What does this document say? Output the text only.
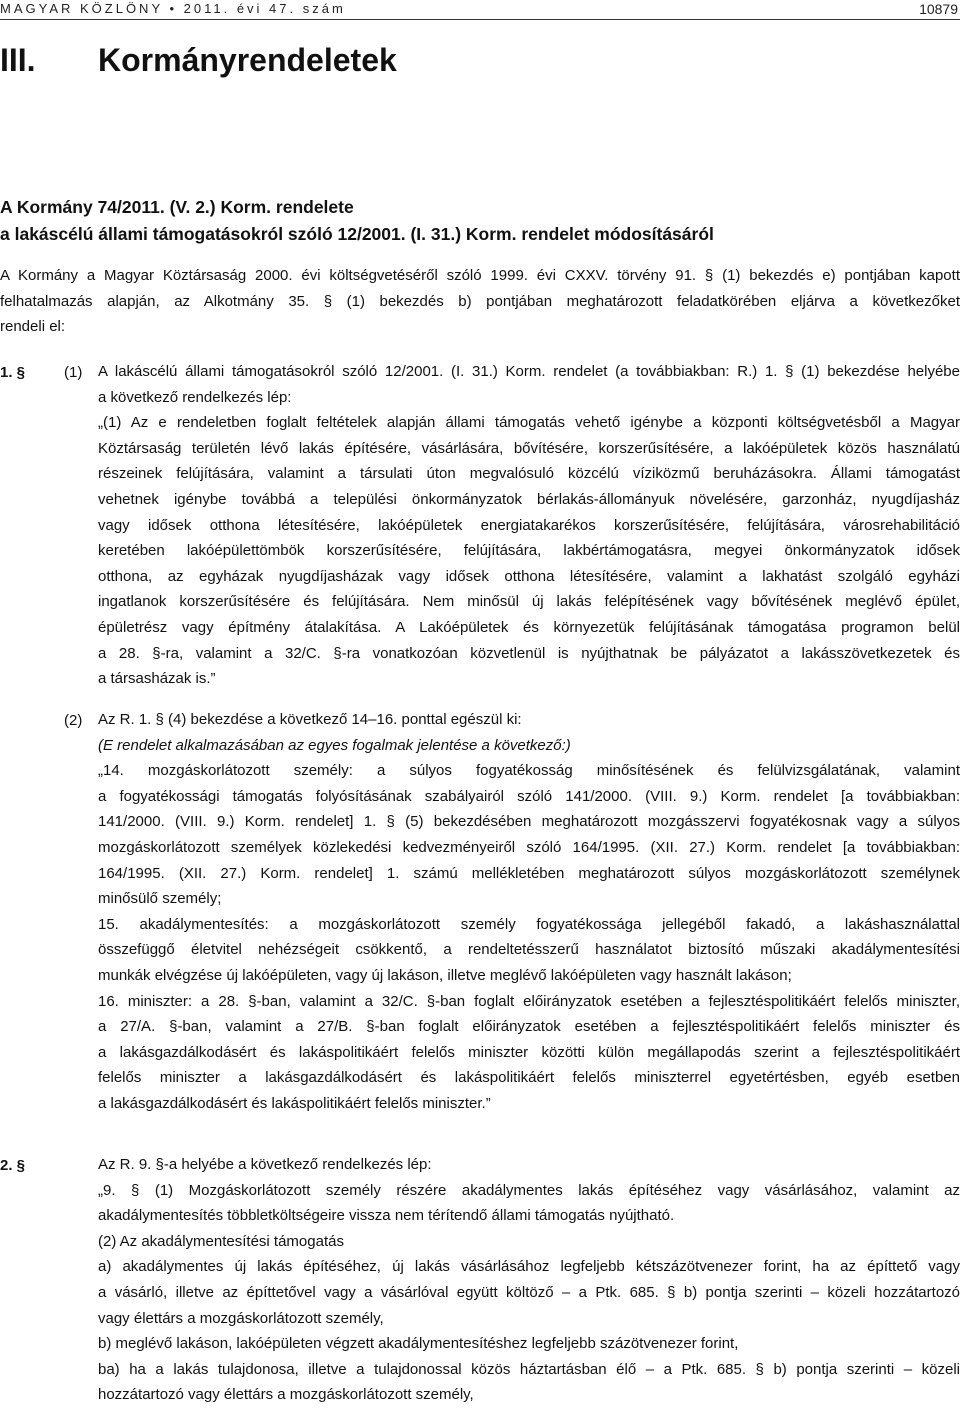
MAGYAR KÖZLÖNY • 2011. évi 47. szám	10879
III. Kormányrendeletek
A Kormány 74/2011. (V. 2.) Korm. rendelete
a lakáscélú állami támogatásokról szóló 12/2001. (I. 31.) Korm. rendelet módosításáról
A Kormány a Magyar Köztársaság 2000. évi költségvetéséről szóló 1999. évi CXXV. törvény 91. § (1) bekezdés e) pontjában kapott
felhatalmazás alapján, az Alkotmány 35. § (1) bekezdés b) pontjában meghatározott feladatkörében eljárva a következőket
rendeli el:
1. §	(1) A lakáscélú állami támogatásokról szóló 12/2001. (I. 31.) Korm. rendelet (a továbbiakban: R.) 1. § (1) bekezdése helyébe
a következő rendelkezés lép:
„(1) Az e rendeletben foglalt feltételek alapján állami támogatás vehető igénybe a központi költségvetésből a Magyar
Köztársaság területén lévő lakás építésére, vásárlására, bővítésére, korszerűsítésére, a lakóépületek közös használatú
részeinek felújítására, valamint a társulati úton megvalósuló közcélú víziközmű beruházásokra. Állami támogatást
vehetnek igénybe továbbá a települési önkormányzatok bérlakás-állományuk növelésére, garzonház, nyugdíjasház
vagy idősek otthona létesítésére, lakóépületek energiatakarékos korszerűsítésére, felújítására, városrehabilitáció
keretében lakóépülettömbök korszerűsítésére, felújítására, lakbértámogatásra, megyei önkormányzatok idősek
otthona, az egyházak nyugdíjasházak vagy idősek otthona létesítésére, valamint a lakhatást szolgáló egyházi
ingatlanok korszerűsítésére és felújítására. Nem minősül új lakás felépítésének vagy bővítésének meglévő épület,
épületrész vagy építmény átalakítása. A Lakóépületek és környezetük felújításának támogatása programon belül
a 28. §-ra, valamint a 32/C. §-ra vonatkozóan közvetlenül is nyújthatnak be pályázatot a lakásszövetkezetek és
a társasházak is.”
(2) Az R. 1. § (4) bekezdése a következő 14–16. ponttal egészül ki:
(E rendelet alkalmazásában az egyes fogalmak jelentése a következő:)
„14. mozgáskorlátozott személy: a súlyos fogyatékosság minősítésének és felülvizsgálatának, valamint
a fogyatékossági támogatás folyósításának szabályairól szóló 141/2000. (VIII. 9.) Korm. rendelet [a továbbiakban:
141/2000. (VIII. 9.) Korm. rendelet] 1. § (5) bekezdésében meghatározott mozgásszervi fogyatékosnak vagy a súlyos
mozgáskorlátozott személyek közlekedési kedvezményeiről szóló 164/1995. (XII. 27.) Korm. rendelet [a továbbiakban:
164/1995. (XII. 27.) Korm. rendelet] 1. számú mellékletében meghatározott súlyos mozgáskorlátozott személynek
minősülő személy;
15. akadálymentesítés: a mozgáskorlátozott személy fogyatékossága jellegéből fakadó, a lakáshasználattal
összefüggő életvitel nehézségeit csökkentő, a rendeltetésszerű használatot biztosító műszaki akadálymentesítési
munkák elvégzése új lakóépületen, vagy új lakáson, illetve meglévő lakóépületen vagy használt lakáson;
16. miniszter: a 28. §-ban, valamint a 32/C. §-ban foglalt előirányzatok esetében a fejlesztéspolitikáért felelős miniszter,
a 27/A. §-ban, valamint a 27/B. §-ban foglalt előirányzatok esetében a fejlesztéspolitikáért felelős miniszter és
a lakásgazdálkodásért és lakáspolitikáért felelős miniszter közötti külön megállapodás szerint a fejlesztéspolitikáért
felelős miniszter a lakásgazdálkodásért és lakáspolitikáért felelős miniszterrel egyetértésben, egyéb esetben
a lakásgazdálkodásért és lakáspolitikáért felelős miniszter.”
2. §	Az R. 9. §-a helyébe a következő rendelkezés lép:
„9. § (1) Mozgáskorlátozott személy részére akadálymentes lakás építéséhez vagy vásárlásához, valamint az
akadálymentesítés többletköltségeire vissza nem térítendő állami támogatás nyújtható.
(2) Az akadálymentesítési támogatás
a) akadálymentes új lakás építéséhez, új lakás vásárlásához legfeljebb kétszázötvenezer forint, ha az építtető vagy
a vásárló, illetve az építtetővel vagy a vásárlóval együtt költöző – a Ptk. 685. § b) pontja szerinti – közeli hozzátartozó
vagy élettárs a mozgáskorlátozott személy,
b) meglévő lakáson, lakóépületen végzett akadálymentesítéshez legfeljebb százötvenezer forint,
ba) ha a lakás tulajdonosa, illetve a tulajdonossal közös háztartásban élő – a Ptk. 685. § b) pontja szerinti – közeli
hozzátartozó vagy élettárs a mozgáskorlátozott személy,
